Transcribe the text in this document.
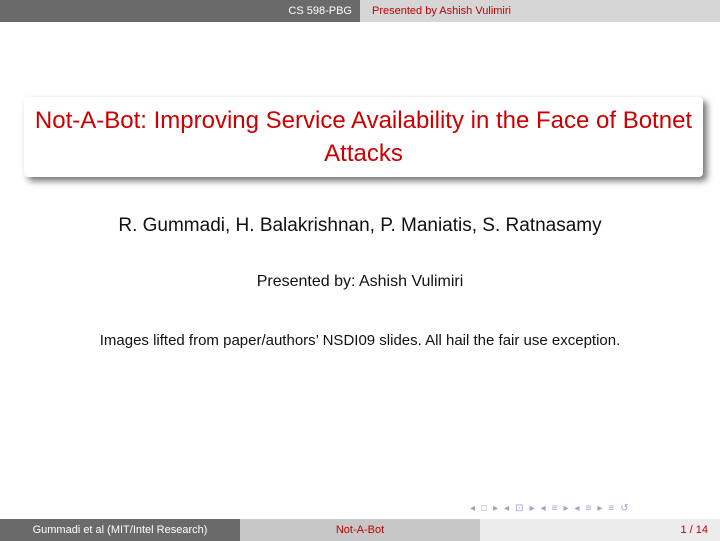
CS 598-PBG	Presented by Ashish Vulimiri
Not-A-Bot: Improving Service Availability in the Face of Botnet Attacks
R. Gummadi, H. Balakrishnan, P. Maniatis, S. Ratnasamy
Presented by: Ashish Vulimiri
Images lifted from paper/authors’ NSDI09 slides. All hail the fair use exception.
◂ □ ▸ ◂ ⊡ ▸ ◂ ≡ ▸ ◂ ≡ ▸ ≡ ↺
Gummadi et al (MIT/Intel Research)	Not-A-Bot	1 / 14
